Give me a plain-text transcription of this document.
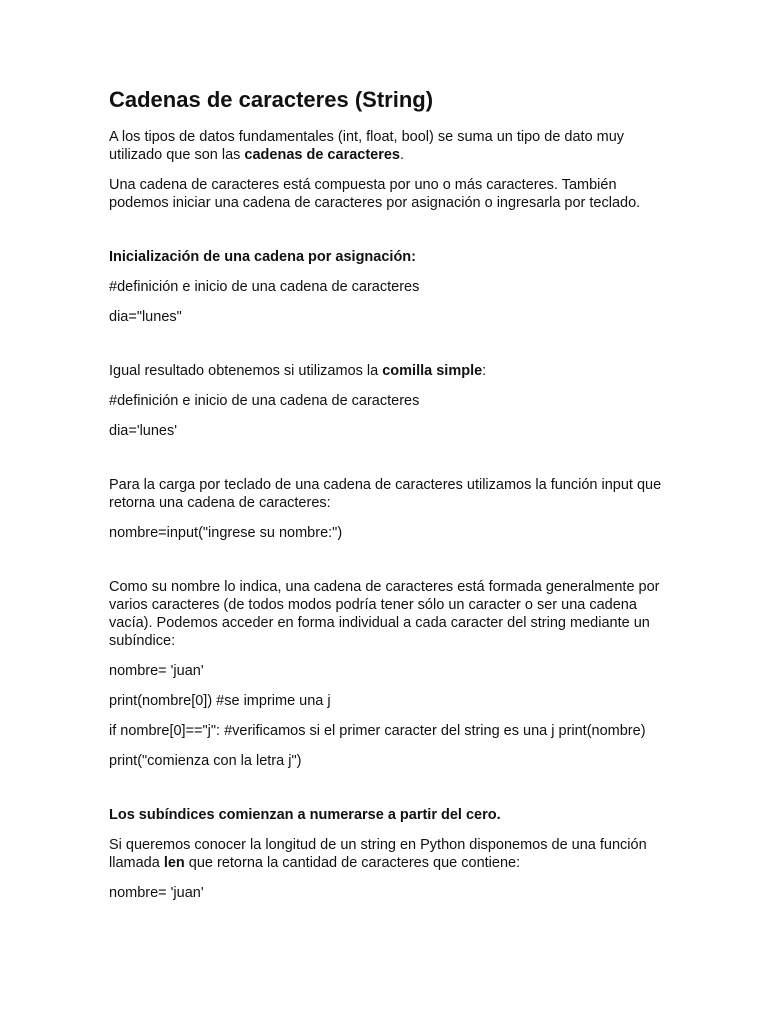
Cadenas de caracteres (String)

A los tipos de datos fundamentales (int, float, bool) se suma un tipo de dato muy utilizado que son las cadenas de caracteres.

Una cadena de caracteres está compuesta por uno o más caracteres. También podemos iniciar una cadena de caracteres por asignación o ingresarla por teclado.

Inicialización de una cadena por asignación:

#definición e inicio de una cadena de caracteres

dia="lunes"

Igual resultado obtenemos si utilizamos la comilla simple:

#definición e inicio de una cadena de caracteres

dia='lunes'

Para la carga por teclado de una cadena de caracteres utilizamos la función input que retorna una cadena de caracteres:

nombre=input("ingrese su nombre:")

Como su nombre lo indica, una cadena de caracteres está formada generalmente por varios caracteres (de todos modos podría tener sólo un caracter o ser una cadena vacía). Podemos acceder en forma individual a cada caracter del string mediante un subíndice:

nombre= 'juan'

print(nombre[0]) #se imprime una j

if nombre[0]=="j": #verificamos si el primer caracter del string es una j print(nombre)

print("comienza con la letra j")

Los subíndices comienzan a numerarse a partir del cero.

Si queremos conocer la longitud de un string en Python disponemos de una función llamada len que retorna la cantidad de caracteres que contiene:

nombre= 'juan'
